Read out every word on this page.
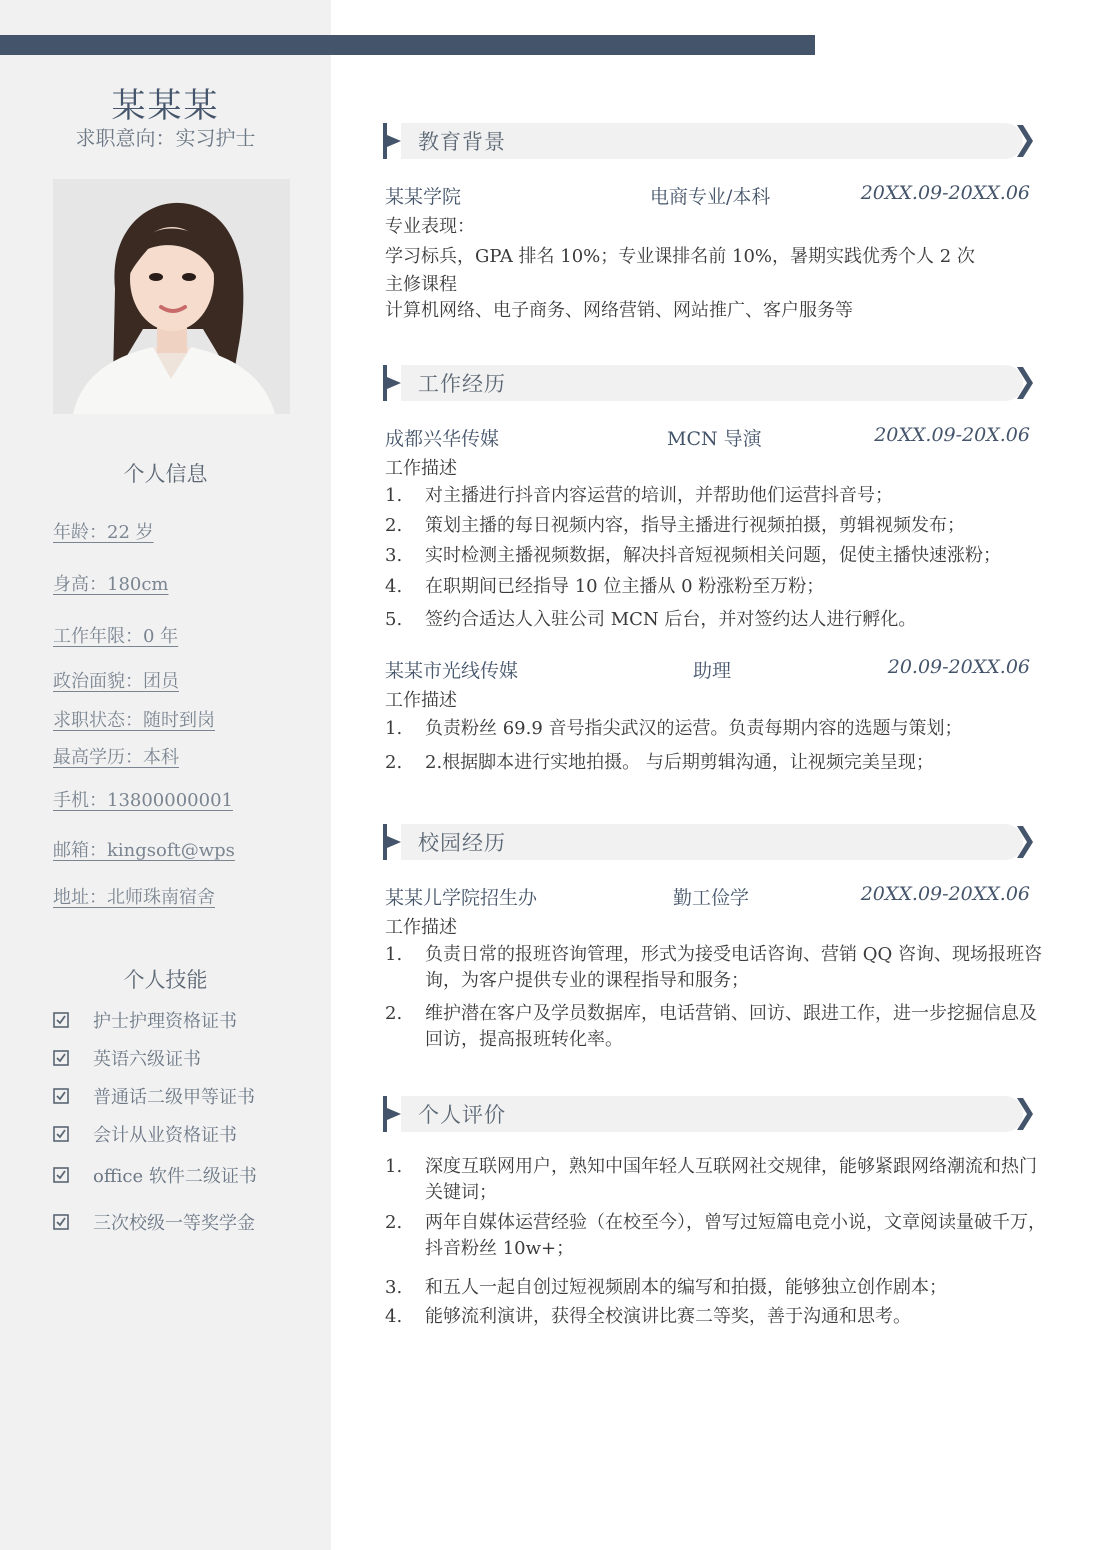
某某某
求职意向：实习护士
个人信息
年龄：22 岁
身高：180cm
工作年限：0 年
政治面貌：团员
求职状态：随时到岗
最高学历：本科
手机：13800000001
邮箱：kingsoft@wps
地址：北师珠南宿舍
个人技能
护士护理资格证书
英语六级证书
普通话二级甲等证书
会计从业资格证书
office 软件二级证书
三次校级一等奖学金
教育背景
某某学院	电商专业/本科	20XX.09-20XX.06
专业表现：
学习标兵，GPA 排名 10%；专业课排名前 10%，暑期实践优秀个人 2 次
主修课程
计算机网络、电子商务、网络营销、网站推广、客户服务等
工作经历
成都兴华传媒	MCN 导演	20XX.09-20X.06
工作描述
1. 对主播进行抖音内容运营的培训，并帮助他们运营抖音号；
2. 策划主播的每日视频内容，指导主播进行视频拍摄，剪辑视频发布；
3. 实时检测主播视频数据，解决抖音短视频相关问题，促使主播快速涨粉；
4. 在职期间已经指导 10 位主播从 0 粉涨粉至万粉；
5. 签约合适达人入驻公司 MCN 后台，并对签约达人进行孵化。
某某市光线传媒	助理	20.09-20XX.06
工作描述
1. 负责粉丝 69.9 音号指尖武汉的运营。负责每期内容的选题与策划；
2. 2.根据脚本进行实地拍摄。 与后期剪辑沟通，让视频完美呈现；
校园经历
某某儿学院招生办	勤工俭学	20XX.09-20XX.06
工作描述
1. 负责日常的报班咨询管理，形式为接受电话咨询、营销 QQ 咨询、现场报班咨询，为客户提供专业的课程指导和服务；
2. 维护潜在客户及学员数据库，电话营销、回访、跟进工作，进一步挖掘信息及回访，提高报班转化率。
个人评价
1. 深度互联网用户，熟知中国年轻人互联网社交规律，能够紧跟网络潮流和热门关键词；
2. 两年自媒体运营经验（在校至今），曾写过短篇电竞小说，文章阅读量破千万，抖音粉丝 10w+；
3. 和五人一起自创过短视频剧本的编写和拍摄，能够独立创作剧本；
4. 能够流利演讲，获得全校演讲比赛二等奖，善于沟通和思考。
